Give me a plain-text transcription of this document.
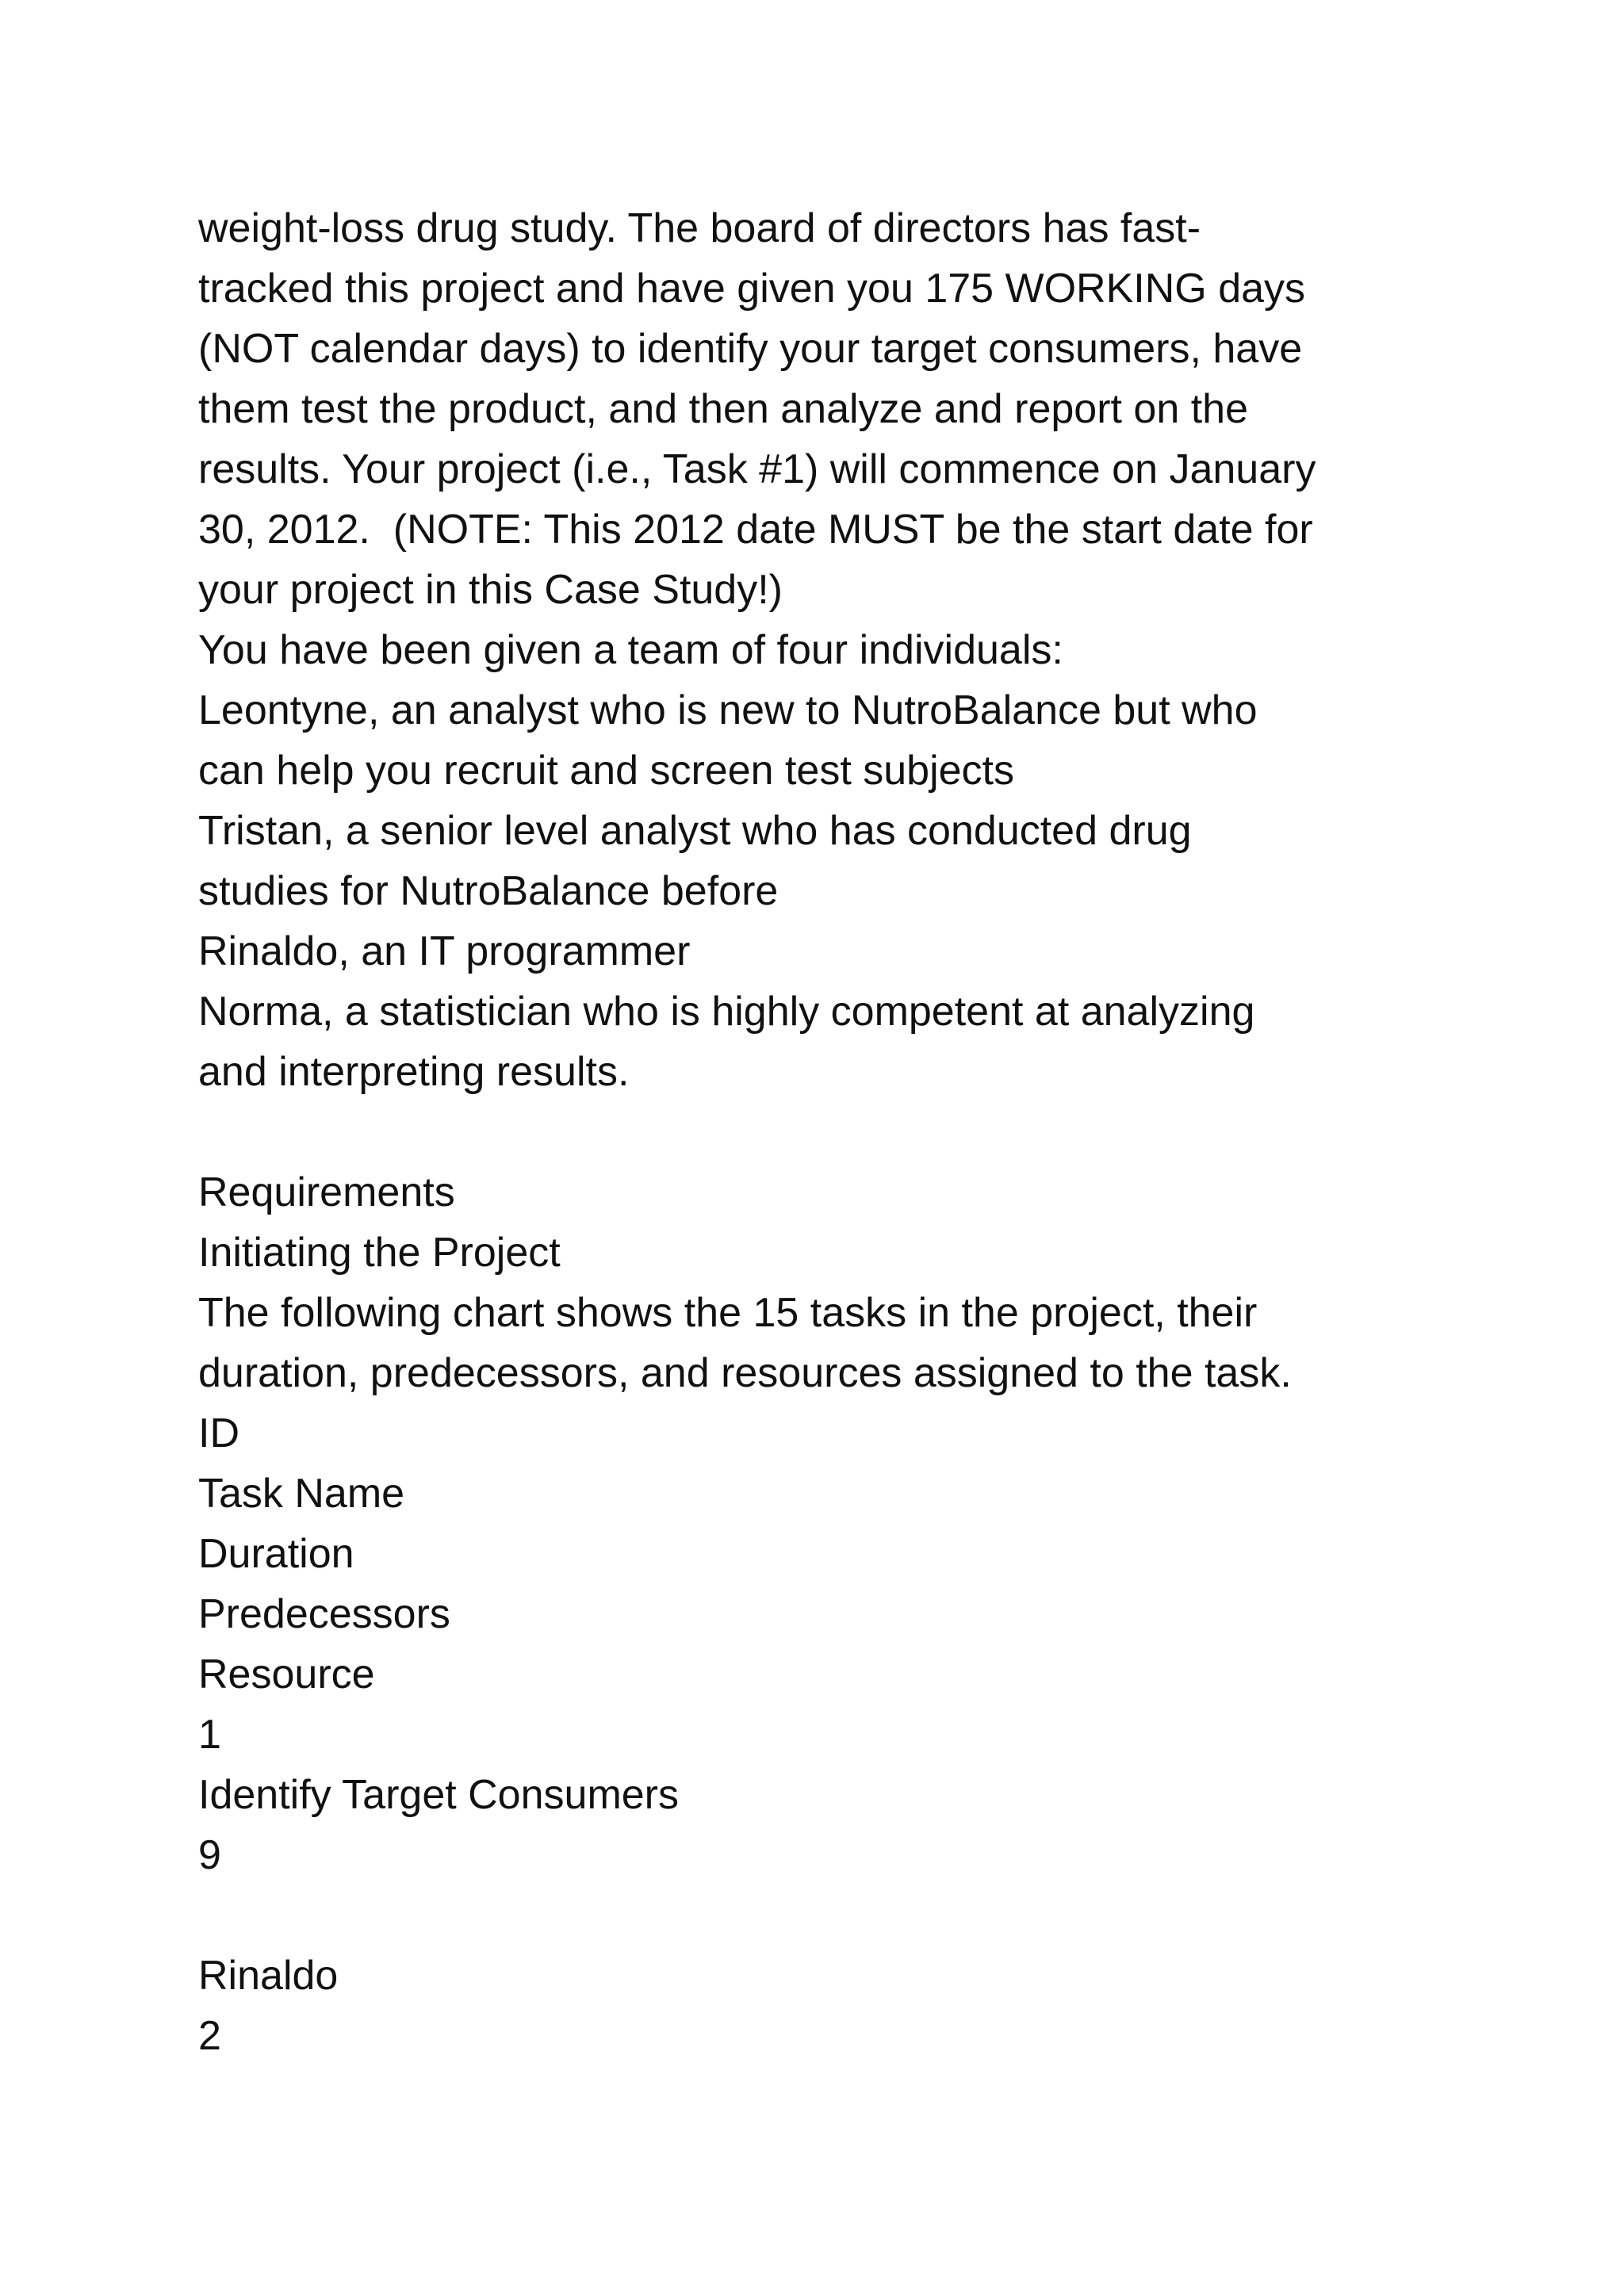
weight-loss drug study. The board of directors has fast-
tracked this project and have given you 175 WORKING days
(NOT calendar days) to identify your target consumers, have
them test the product, and then analyze and report on the
results. Your project (i.e., Task #1) will commence on January
30, 2012.  (NOTE: This 2012 date MUST be the start date for
your project in this Case Study!)
You have been given a team of four individuals:
Leontyne, an analyst who is new to NutroBalance but who
can help you recruit and screen test subjects
Tristan, a senior level analyst who has conducted drug
studies for NutroBalance before
Rinaldo, an IT programmer
Norma, a statistician who is highly competent at analyzing
and interpreting results.
Requirements
Initiating the Project
The following chart shows the 15 tasks in the project, their
duration, predecessors, and resources assigned to the task.
ID
Task Name
Duration
Predecessors
Resource
1
Identify Target Consumers
9
Rinaldo
2
